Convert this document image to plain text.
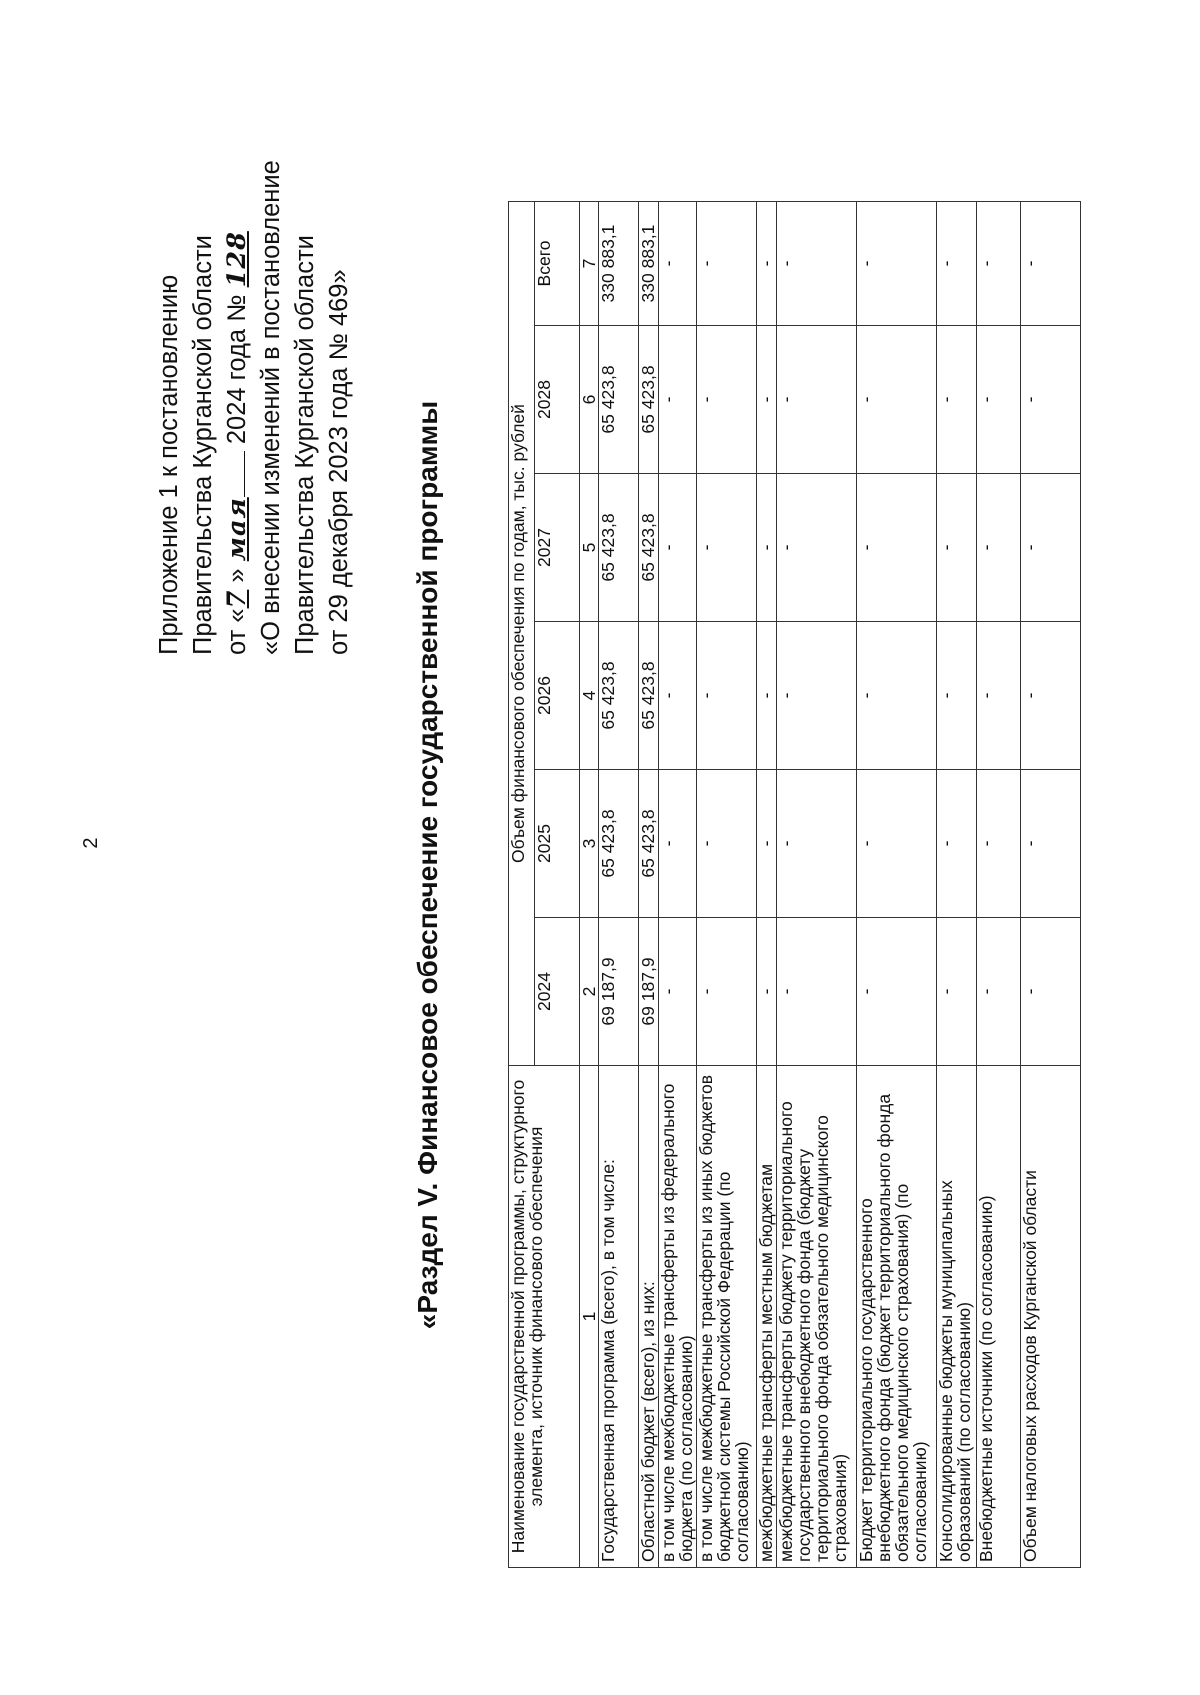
2
Приложение 1 к постановлению Правительства Курганской области от «7 » мая 2024 года № 128 «О внесении изменений в постановление Правительства Курганской области от 29 декабря 2023 года № 469» «Раздел V. Финансовое обеспечение государственной программы	Наименование государственной программы, структурного элемента, источник финансового обеспечения	Объем финансового обеспечения по годам, тыс. рублей					
	2024	2025	2026	2027	2028	Всего
1	2	3	4	5	6	7
Государственная программа (всего), в том числе:	69 187,9	65 423,8	65 423,8	65 423,8	65 423,8	330 883,1
Областной бюджет (всего), из них:	69 187,9	65 423,8	65 423,8	65 423,8	65 423,8	330 883,1
в том числе межбюджетные трансферты из федерального бюджета (по согласованию)	-	-	-	-	-	-
в том числе межбюджетные трансферты из иных бюджетов бюджетной системы Российской Федерации (по согласованию)	-	-	-	-	-	-
межбюджетные трансферты местным бюджетам	-	-	-	-	-	-
межбюджетные трансферты бюджету территориального государственного внебюджетного фонда (бюджету территориального фонда обязательного медицинского страхования)	-	-	-	-	-	-
Бюджет территориального государственного внебюджетного фонда (бюджет территориального фонда обязательного медицинского страхования) (по согласованию)	-	-	-	-	-	-
Консолидированные бюджеты муниципальных образований (по согласованию)	-	-	-	-	-	-
Внебюджетные источники (по согласованию)	-	-	-	-	-	-
Объем налоговых расходов Курганской области	-	-	-	-	-	-
